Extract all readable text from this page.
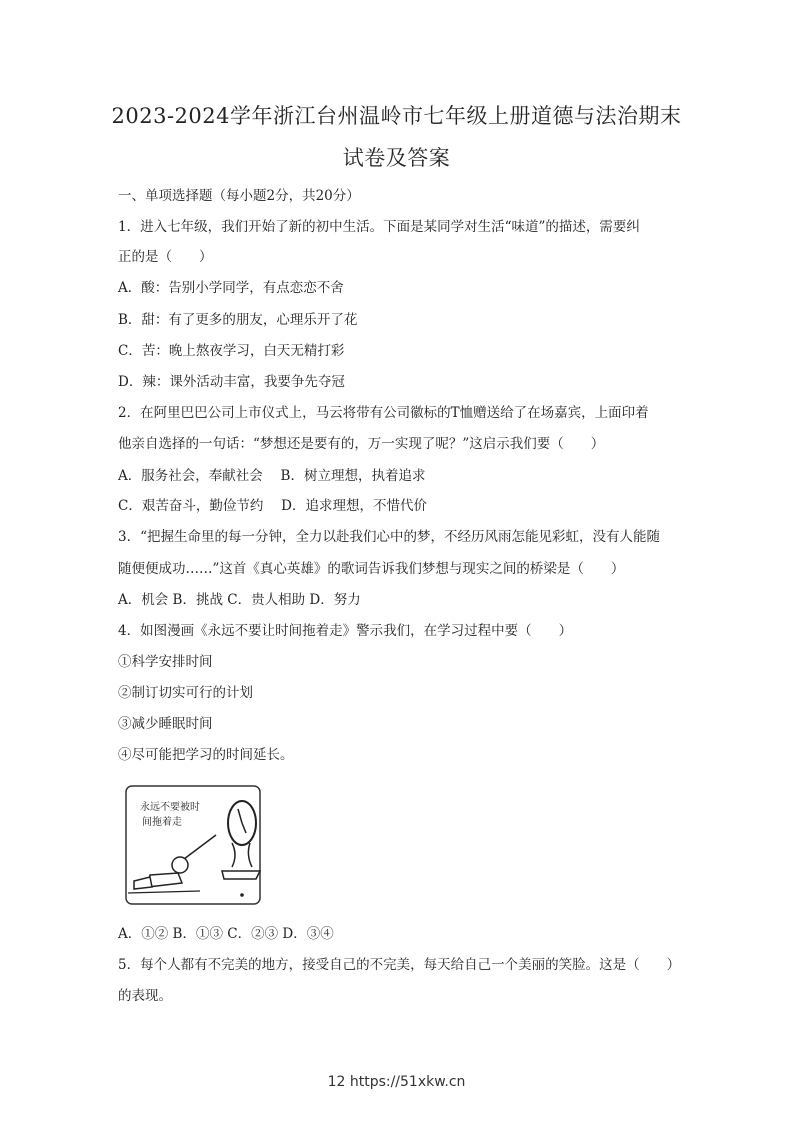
2023-2024学年浙江台州温岭市七年级上册道德与法治期末
试卷及答案
一、单项选择题（每小题2分，共20分）
1．进入七年级，我们开始了新的初中生活。下面是某同学对生活“味道”的描述，需要纠
正的是（　　）
A．酸：告别小学同学，有点恋恋不舍
B．甜：有了更多的朋友，心理乐开了花
C．苦：晚上熬夜学习，白天无精打彩
D．辣：课外活动丰富，我要争先夺冠
2．在阿里巴巴公司上市仪式上，马云将带有公司徽标的T恤赠送给了在场嘉宾，上面印着
他亲自选择的一句话：“梦想还是要有的，万一实现了呢？”这启示我们要（　　）
A．服务社会，奉献社会　 B．树立理想，执着追求
C．艰苦奋斗，勤俭节约　 D．追求理想，不惜代价
3．“把握生命里的每一分钟，全力以赴我们心中的梦，不经历风雨怎能见彩虹，没有人能随
随便便成功……”这首《真心英雄》的歌词告诉我们梦想与现实之间的桥梁是（　　）
A．机会 B．挑战 C．贵人相助 D．努力
4．如图漫画《永远不要让时间拖着走》警示我们，在学习过程中要（　　）
①科学安排时间
②制订切实可行的计划
③减少睡眠时间
④尽可能把学习的时间延长。
永远不要被时
间拖着走
A．①② B．①③ C．②③ D．③④
5．每个人都有不完美的地方，接受自己的不完美，每天给自己一个美丽的笑脸。这是（　　）
的表现。
12 https://51xkw.cn
